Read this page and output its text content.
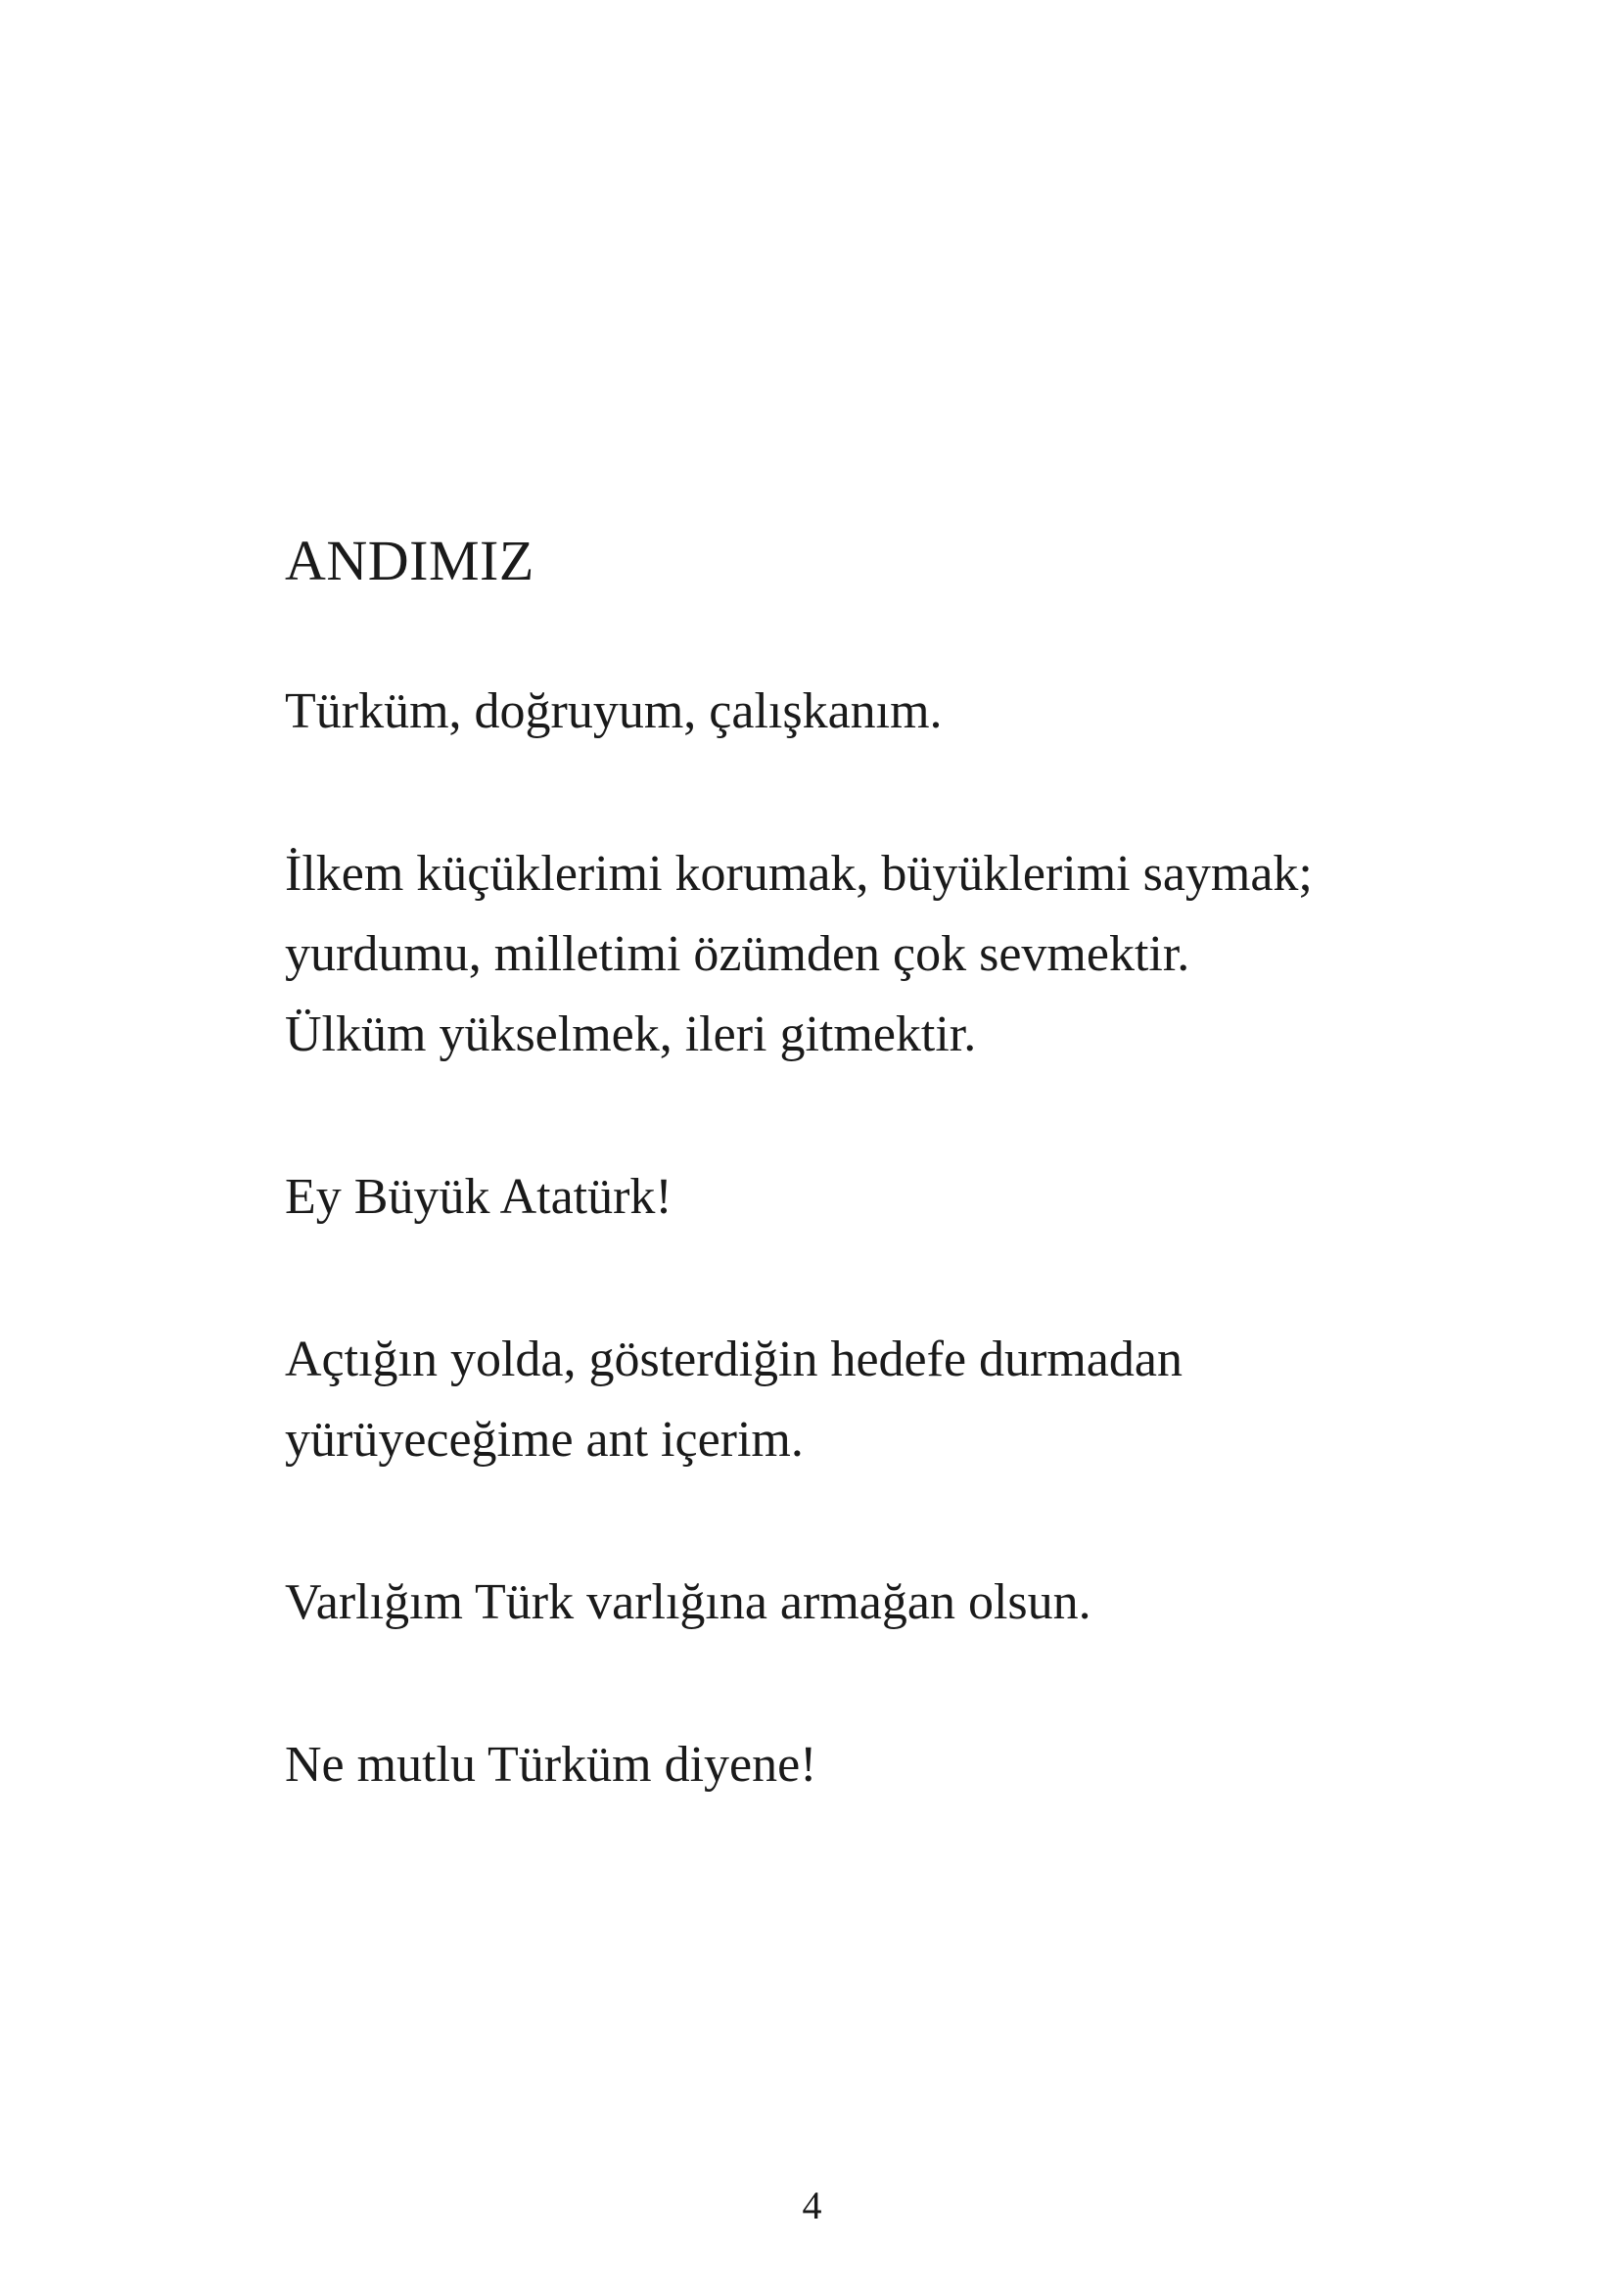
ANDIMIZ
Türküm, doğruyum, çalışkanım.
İlkem küçüklerimi korumak, büyüklerimi saymak;
yurdumu, milletimi özümden çok sevmektir.
Ülküm yükselmek, ileri gitmektir.
Ey Büyük Atatürk!
Açtığın yolda, gösterdiğin hedefe durmadan
yürüyeceğime ant içerim.
Varlığım Türk varlığına armağan olsun.
Ne mutlu Türküm diyene!
4
